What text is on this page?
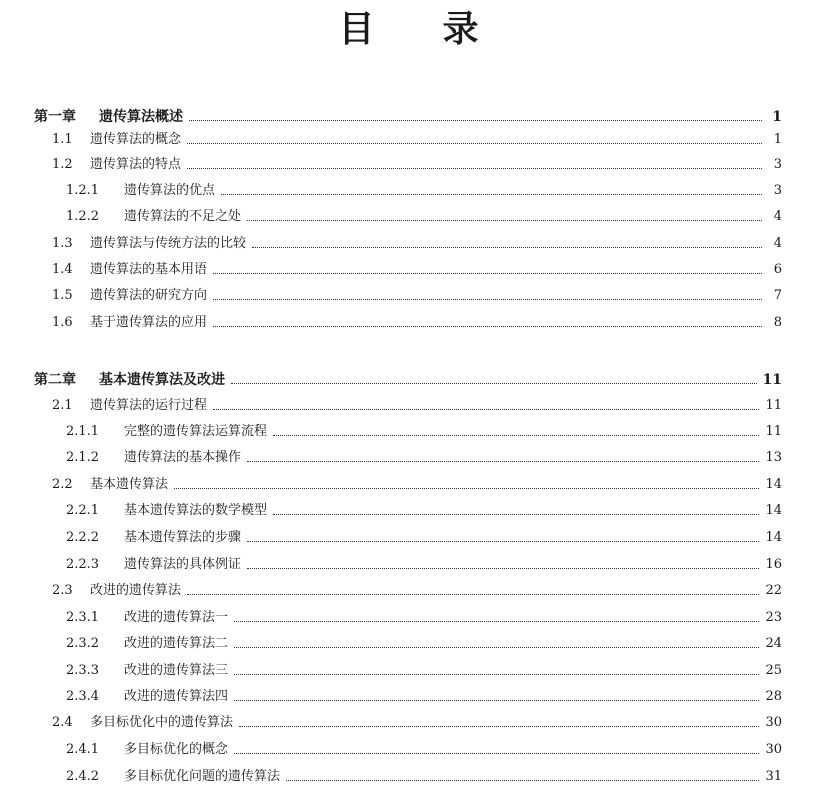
目 录
第一章	遗传算法概述	1
1.1	遗传算法的概念	1
1.2	遗传算法的特点	3
1.2.1	遗传算法的优点	3
1.2.2	遗传算法的不足之处	4
1.3	遗传算法与传统方法的比较	4
1.4	遗传算法的基本用语	6
1.5	遗传算法的研究方向	7
1.6	基于遗传算法的应用	8
第二章	基本遗传算法及改进	11
2.1	遗传算法的运行过程	11
2.1.1	完整的遗传算法运算流程	11
2.1.2	遗传算法的基本操作	13
2.2	基本遗传算法	14
2.2.1	基本遗传算法的数学模型	14
2.2.2	基本遗传算法的步骤	14
2.2.3	遗传算法的具体例证	16
2.3	改进的遗传算法	22
2.3.1	改进的遗传算法一	23
2.3.2	改进的遗传算法二	24
2.3.3	改进的遗传算法三	25
2.3.4	改进的遗传算法四	28
2.4	多目标优化中的遗传算法	30
2.4.1	多目标优化的概念	30
2.4.2	多目标优化问题的遗传算法	31
